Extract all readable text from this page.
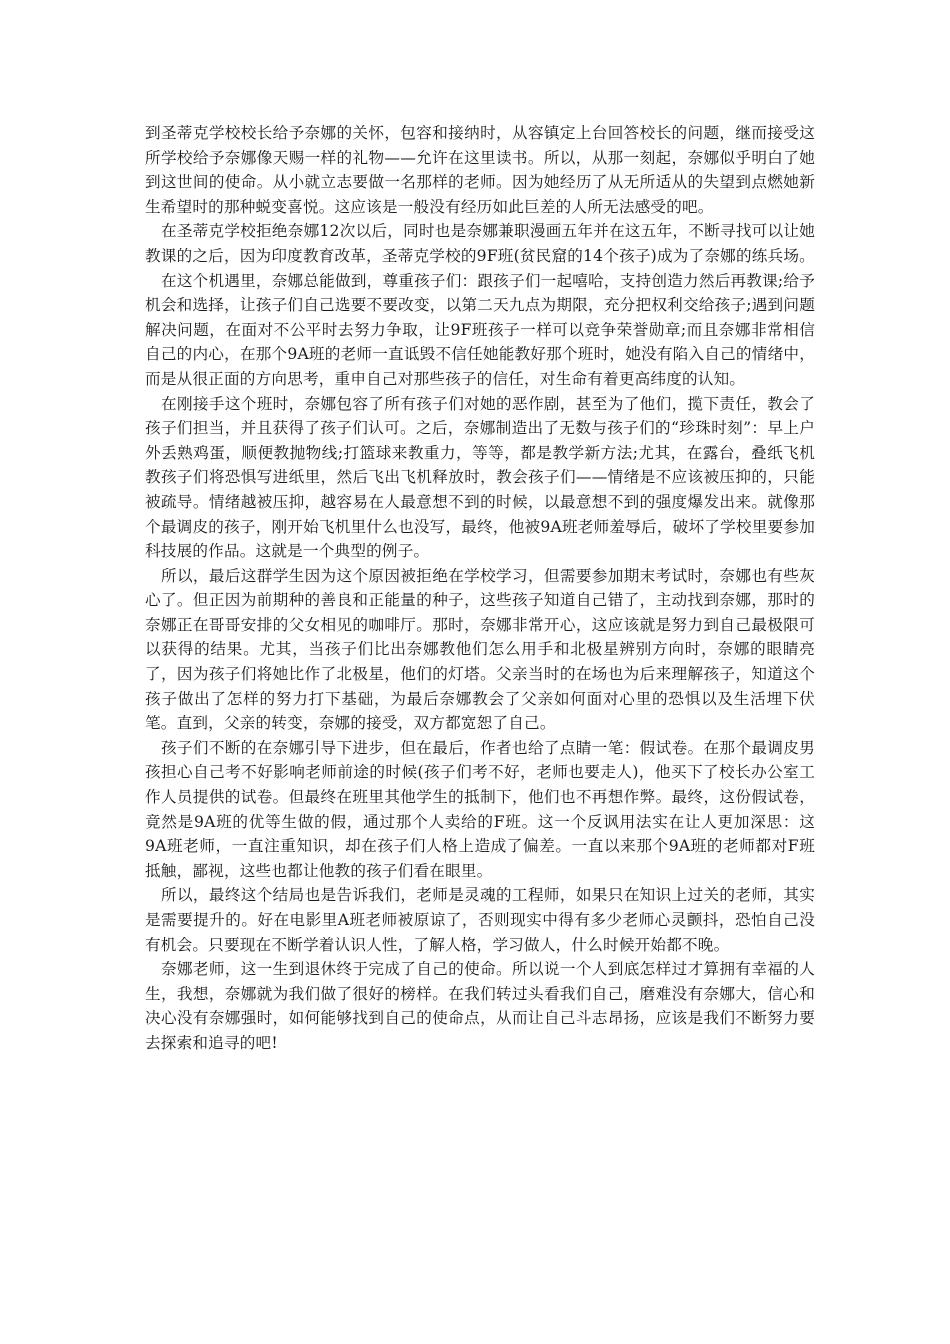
到圣蒂克学校校长给予奈娜的关怀，包容和接纳时，从容镇定上台回答校长的问题，继而接受这所学校给予奈娜像天赐一样的礼物——允许在这里读书。所以，从那一刻起，奈娜似乎明白了她到这世间的使命。从小就立志要做一名那样的老师。因为她经历了从无所适从的失望到点燃她新生希望时的那种蜕变喜悦。这应该是一般没有经历如此巨差的人所无法感受的吧。

在圣蒂克学校拒绝奈娜12次以后，同时也是奈娜兼职漫画五年并在这五年，不断寻找可以让她教课的之后，因为印度教育改革，圣蒂克学校的9F班(贫民窟的14个孩子)成为了奈娜的练兵场。

在这个机遇里，奈娜总能做到，尊重孩子们：跟孩子们一起嘻哈，支持创造力然后再教课;给予机会和选择，让孩子们自己选要不要改变，以第二天九点为期限，充分把权利交给孩子;遇到问题解决问题，在面对不公平时去努力争取，让9F班孩子一样可以竞争荣誉勋章;而且奈娜非常相信自己的内心，在那个9A班的老师一直诋毁不信任她能教好那个班时，她没有陷入自己的情绪中，而是从很正面的方向思考，重申自己对那些孩子的信任，对生命有着更高纬度的认知。

在刚接手这个班时，奈娜包容了所有孩子们对她的恶作剧，甚至为了他们，揽下责任，教会了孩子们担当，并且获得了孩子们认可。之后，奈娜制造出了无数与孩子们的“珍珠时刻”：早上户外丢熟鸡蛋，顺便教抛物线;打篮球来教重力，等等，都是教学新方法;尤其，在露台，叠纸飞机教孩子们将恐惧写进纸里，然后飞出飞机释放时，教会孩子们——情绪是不应该被压抑的，只能被疏导。情绪越被压抑，越容易在人最意想不到的时候，以最意想不到的强度爆发出来。就像那个最调皮的孩子，刚开始飞机里什么也没写，最终，他被9A班老师羞辱后，破坏了学校里要参加科技展的作品。这就是一个典型的例子。

所以，最后这群学生因为这个原因被拒绝在学校学习，但需要参加期末考试时，奈娜也有些灰心了。但正因为前期种的善良和正能量的种子，这些孩子知道自己错了，主动找到奈娜，那时的奈娜正在哥哥安排的父女相见的咖啡厅。那时，奈娜非常开心，这应该就是努力到自己最极限可以获得的结果。尤其，当孩子们比出奈娜教他们怎么用手和北极星辨别方向时，奈娜的眼睛亮了，因为孩子们将她比作了北极星，他们的灯塔。父亲当时的在场也为后来理解孩子，知道这个孩子做出了怎样的努力打下基础，为最后奈娜教会了父亲如何面对心里的恐惧以及生活埋下伏笔。直到，父亲的转变，奈娜的接受，双方都宽恕了自己。

孩子们不断的在奈娜引导下进步，但在最后，作者也给了点睛一笔：假试卷。在那个最调皮男孩担心自己考不好影响老师前途的时候(孩子们考不好，老师也要走人)，他买下了校长办公室工作人员提供的试卷。但最终在班里其他学生的抵制下，他们也不再想作弊。最终，这份假试卷，竟然是9A班的优等生做的假，通过那个人卖给的F班。这一个反讽用法实在让人更加深思：这9A班老师，一直注重知识，却在孩子们人格上造成了偏差。一直以来那个9A班的老师都对F班抵触，鄙视，这些也都让他教的孩子们看在眼里。

所以，最终这个结局也是告诉我们，老师是灵魂的工程师，如果只在知识上过关的老师，其实是需要提升的。好在电影里A班老师被原谅了，否则现实中得有多少老师心灵颤抖，恐怕自己没有机会。只要现在不断学着认识人性，了解人格，学习做人，什么时候开始都不晚。

奈娜老师，这一生到退休终于完成了自己的使命。所以说一个人到底怎样过才算拥有幸福的人生，我想，奈娜就为我们做了很好的榜样。在我们转过头看我们自己，磨难没有奈娜大，信心和决心没有奈娜强时，如何能够找到自己的使命点，从而让自己斗志昂扬，应该是我们不断努力要去探索和追寻的吧!
